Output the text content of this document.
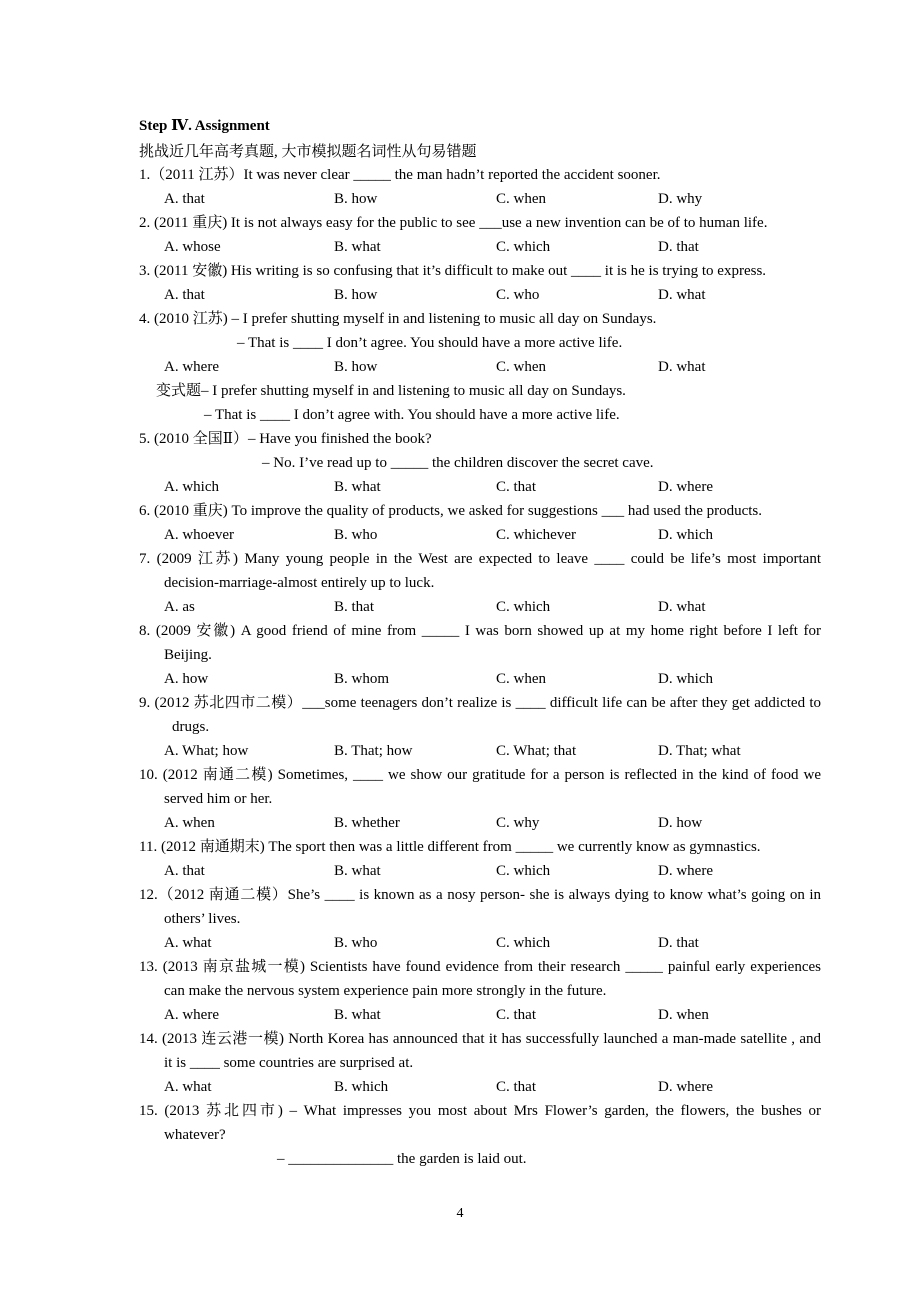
Step Ⅳ. Assignment
挑战近几年高考真题, 大市模拟题名词性从句易错题
1.（2011 江苏）It was never clear _____ the man hadn’t reported the accident sooner.
A. that	B. how	C. when	D. why
2. (2011 重庆) It is not always easy for the public to see ___use a new invention can be of to human life.
A. whose	B. what	C. which	D. that
3. (2011 安徽) His writing is so confusing that it’s difficult to make out ____ it is he is trying to express.
A. that	B. how	C. who	D. what
4. (2010 江苏) – I prefer shutting myself in and listening to music all day on Sundays.
– That is ____ I don’t agree. You should have a more active life.
A. where	B. how	C. when	D. what
变式题– I prefer shutting myself in and listening to music all day on Sundays.
– That is ____ I don’t agree with. You should have a more active life.
5. (2010 全国Ⅱ）– Have you finished the book?
– No. I’ve read up to _____ the children discover the secret cave.
A. which	B. what	C. that	D. where
6. (2010 重庆) To improve the quality of products, we asked for suggestions ___ had used the products.
A. whoever	B. who	C. whichever	D. which
7. (2009 江苏) Many young people in the West are expected to leave ____ could be life’s most important decision-marriage-almost entirely up to luck.
A. as	B. that	C. which	D. what
8. (2009 安徽) A good friend of mine from _____ I was born showed up at my home right before I left for Beijing.
A. how	B. whom	C. when	D. which
9. (2012 苏北四市二模）___some teenagers don’t realize is ____ difficult life can be after they get addicted to drugs.
A. What; how	B. That; how	C. What; that	D. That; what
10. (2012 南通二模) Sometimes, ____ we show our gratitude for a person is reflected in the kind of food we served him or her.
A. when	B. whether	C. why	D. how
11. (2012 南通期末) The sport then was a little different from _____ we currently know as gymnastics.
A. that	B. what	C. which	D. where
12.（2012 南通二模）She’s ____ is known as a nosy person- she is always dying to know what’s going on in others’ lives.
A. what	B. who	C. which	D. that
13. (2013 南京盐城一模) Scientists have found evidence from their research _____ painful early experiences can make the nervous system experience pain more strongly in the future.
A. where	B. what	C. that	D. when
14. (2013 连云港一模) North Korea has announced that it has successfully launched a man-made satellite , and it is ____ some countries are surprised at.
A. what	B. which	C. that	D. where
15. (2013 苏北四市) – What impresses you most about Mrs Flower’s garden, the flowers, the bushes or whatever?
– ______________ the garden is laid out.
4
